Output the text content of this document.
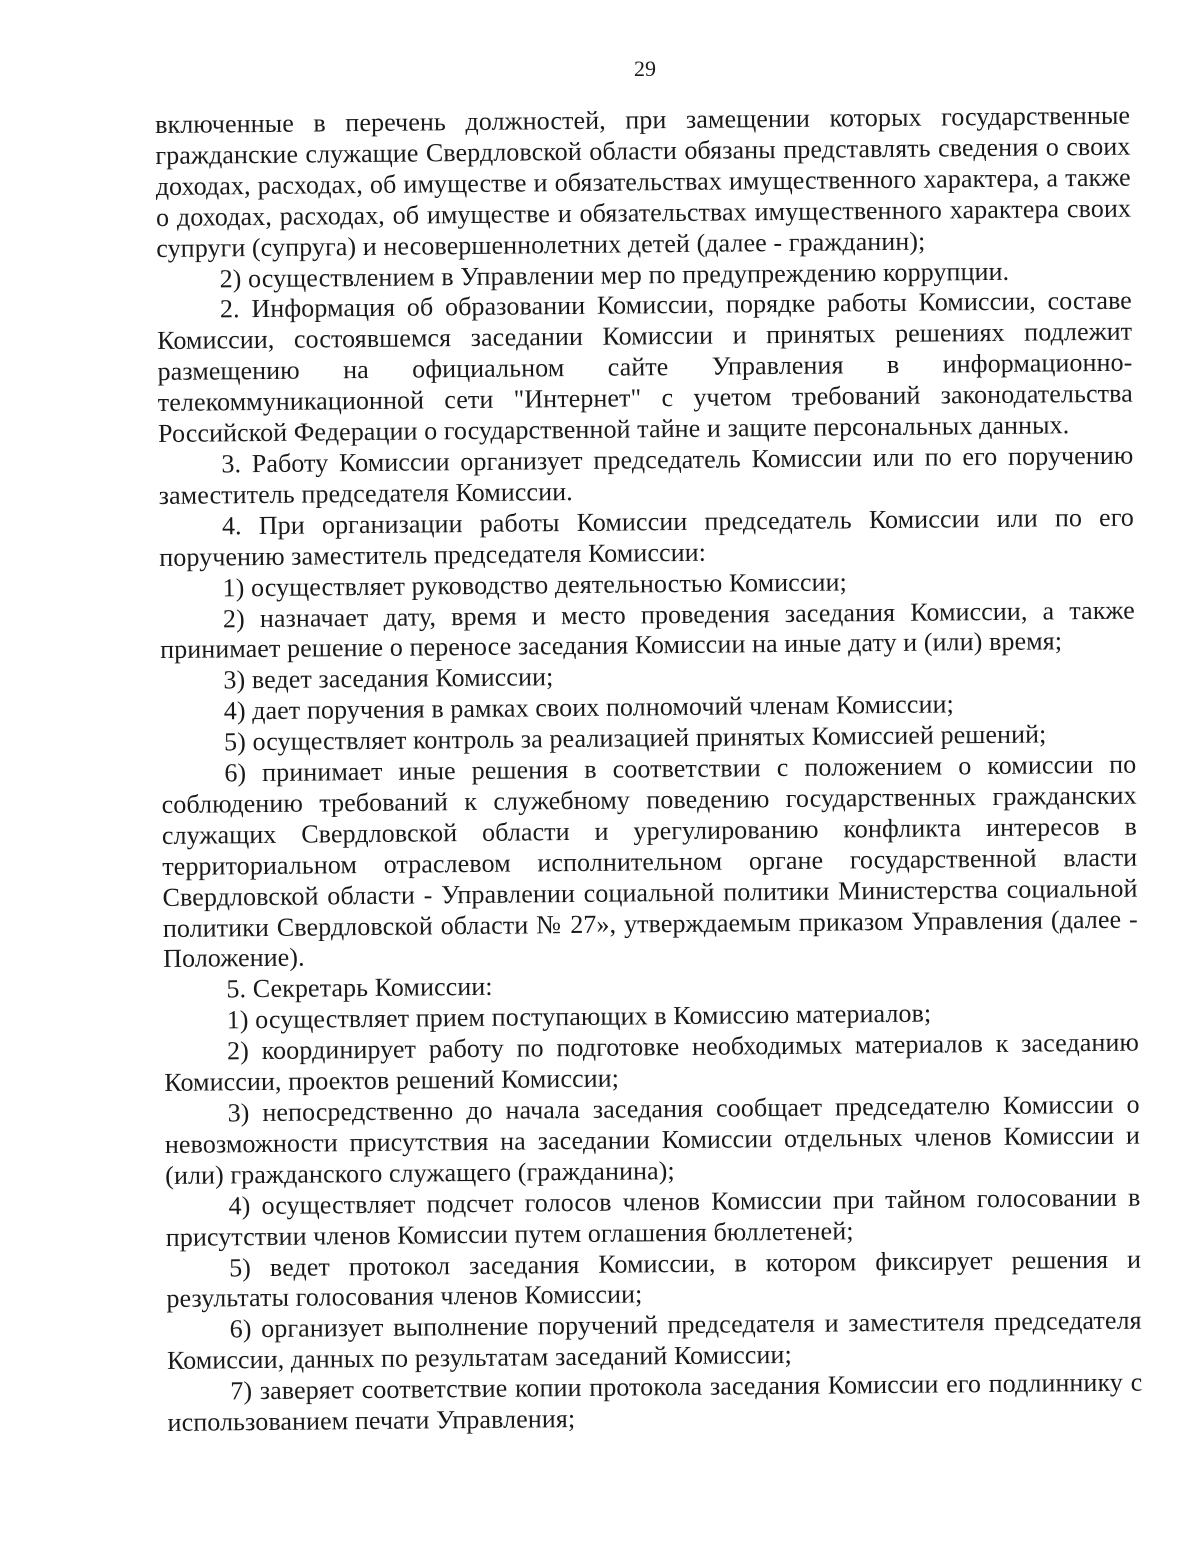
29

включенные в перечень должностей, при замещении которых государственные гражданские служащие Свердловской области обязаны представлять сведения о своих доходах, расходах, об имуществе и обязательствах имущественного характера, а также о доходах, расходах, об имуществе и обязательствах имущественного характера своих супруги (супруга) и несовершеннолетних детей (далее - гражданин);

2) осуществлением в Управлении мер по предупреждению коррупции.

2. Информация об образовании Комиссии, порядке работы Комиссии, составе Комиссии, состоявшемся заседании Комиссии и принятых решениях подлежит размещению на официальном сайте Управления в информационно-телекоммуникационной сети "Интернет" с учетом требований законодательства Российской Федерации о государственной тайне и защите персональных данных.

3. Работу Комиссии организует председатель Комиссии или по его поручению заместитель председателя Комиссии.

4. При организации работы Комиссии председатель Комиссии или по его поручению заместитель председателя Комиссии:

1) осуществляет руководство деятельностью Комиссии;

2) назначает дату, время и место проведения заседания Комиссии, а также принимает решение о переносе заседания Комиссии на иные дату и (или) время;

3) ведет заседания Комиссии;

4) дает поручения в рамках своих полномочий членам Комиссии;

5) осуществляет контроль за реализацией принятых Комиссией решений;

6) принимает иные решения в соответствии с положением о комиссии по соблюдению требований к служебному поведению государственных гражданских служащих Свердловской области и урегулированию конфликта интересов в территориальном отраслевом исполнительном органе государственной власти Свердловской области - Управлении социальной политики Министерства социальной политики Свердловской области № 27», утверждаемым приказом Управления (далее - Положение).

5. Секретарь Комиссии:

1) осуществляет прием поступающих в Комиссию материалов;

2) координирует работу по подготовке необходимых материалов к заседанию Комиссии, проектов решений Комиссии;

3) непосредственно до начала заседания сообщает председателю Комиссии о невозможности присутствия на заседании Комиссии отдельных членов Комиссии и (или) гражданского служащего (гражданина);

4) осуществляет подсчет голосов членов Комиссии при тайном голосовании в присутствии членов Комиссии путем оглашения бюллетеней;

5) ведет протокол заседания Комиссии, в котором фиксирует решения и результаты голосования членов Комиссии;

6) организует выполнение поручений председателя и заместителя председателя Комиссии, данных по результатам заседаний Комиссии;

7) заверяет соответствие копии протокола заседания Комиссии его подлиннику с использованием печати Управления;
